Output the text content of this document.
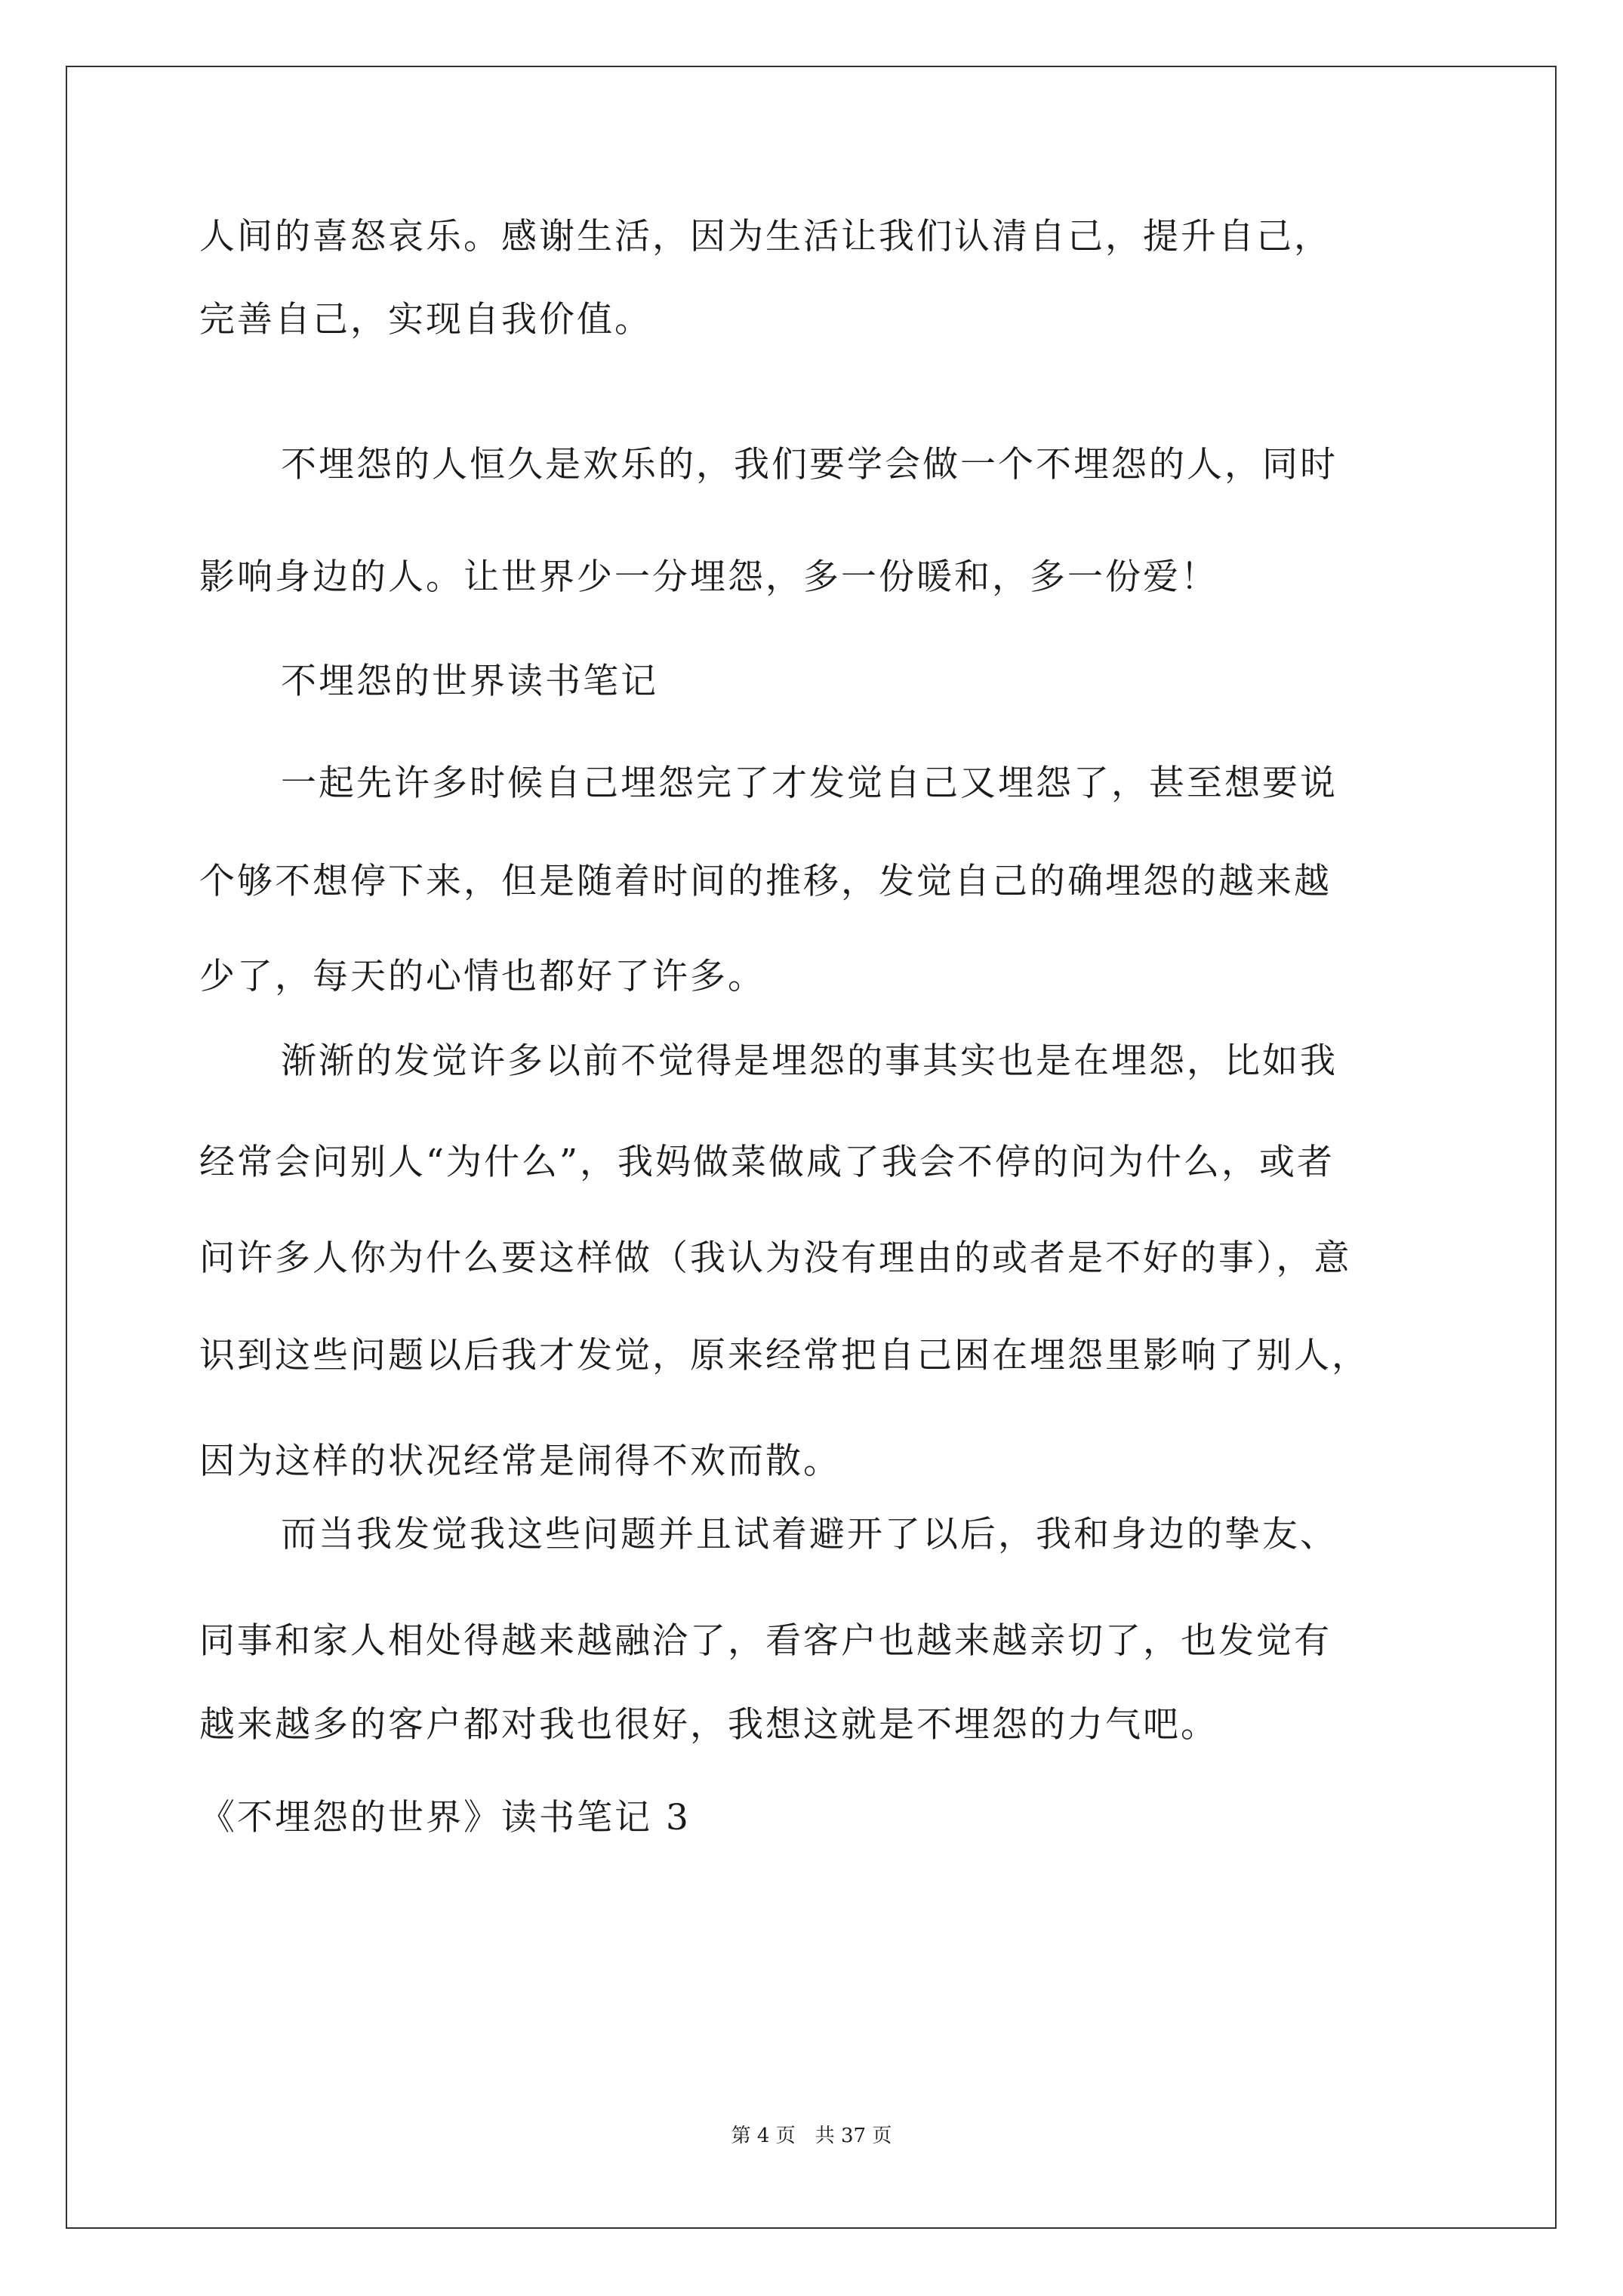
人间的喜怒哀乐。感谢生活，因为生活让我们认清自己，提升自己，
完善自己，实现自我价值。
不埋怨的人恒久是欢乐的，我们要学会做一个不埋怨的人，同时
影响身边的人。让世界少一分埋怨，多一份暖和，多一份爱！
不埋怨的世界读书笔记
一起先许多时候自己埋怨完了才发觉自己又埋怨了，甚至想要说
个够不想停下来，但是随着时间的推移，发觉自己的确埋怨的越来越
少了，每天的心情也都好了许多。
渐渐的发觉许多以前不觉得是埋怨的事其实也是在埋怨，比如我
经常会问别人“为什么”，我妈做菜做咸了我会不停的问为什么，或者
问许多人你为什么要这样做（我认为没有理由的或者是不好的事），意
识到这些问题以后我才发觉，原来经常把自己困在埋怨里影响了别人，
因为这样的状况经常是闹得不欢而散。
而当我发觉我这些问题并且试着避开了以后，我和身边的挚友、
同事和家人相处得越来越融洽了，看客户也越来越亲切了，也发觉有
越来越多的客户都对我也很好，我想这就是不埋怨的力气吧。
《不埋怨的世界》读书笔记 3
第 4 页　共 37 页
